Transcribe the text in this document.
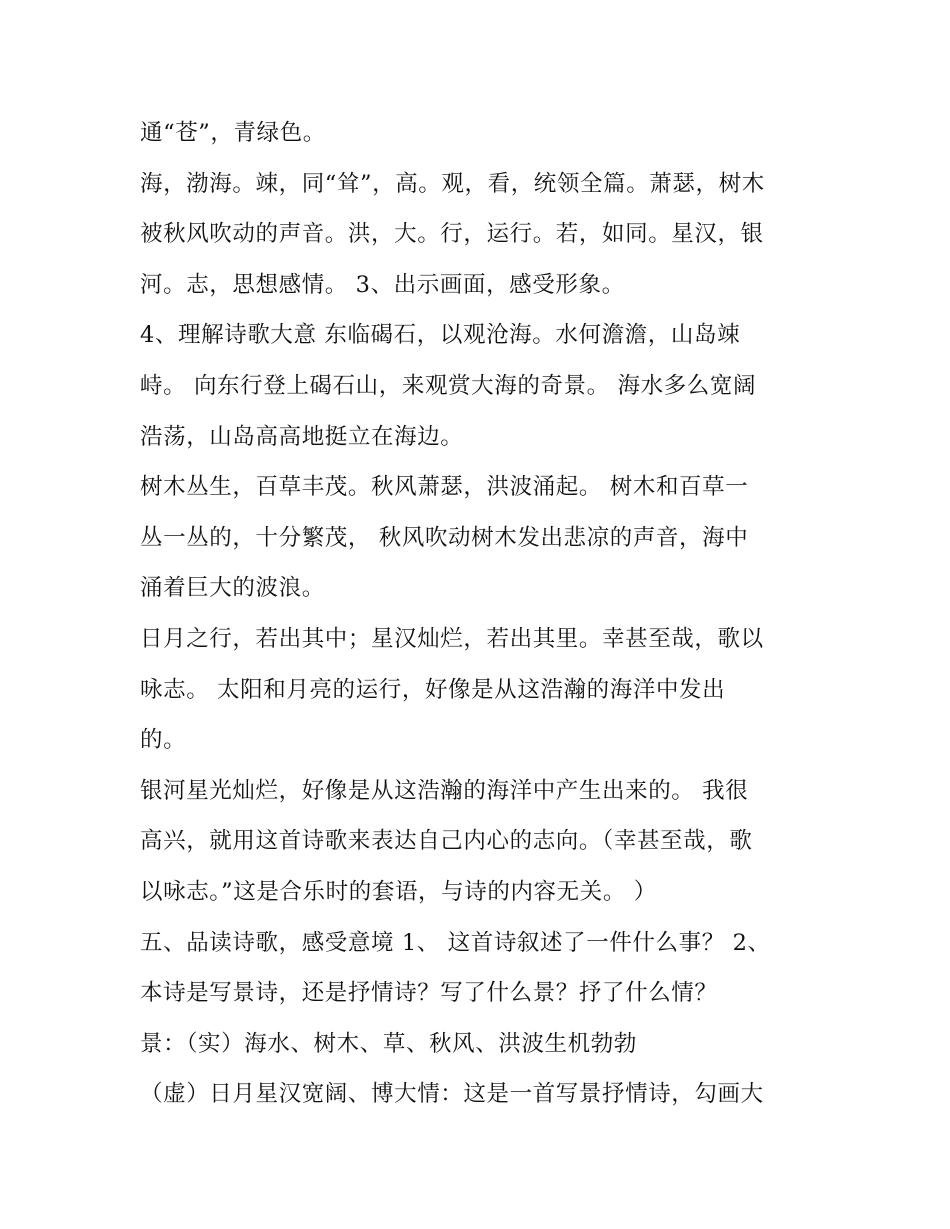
通“苍”，青绿色。
海，渤海。竦，同“耸”，高。观，看，统领全篇。萧瑟，树木
被秋风吹动的声音。洪，大。行，运行。若，如同。星汉，银
河。志，思想感情。 3、出示画面，感受形象。
4、理解诗歌大意 东临碣石，以观沧海。水何澹澹，山岛竦
峙。 向东行登上碣石山，来观赏大海的奇景。 海水多么宽阔
浩荡，山岛高高地挺立在海边。
树木丛生，百草丰茂。秋风萧瑟，洪波涌起。 树木和百草一
丛一丛的，十分繁茂， 秋风吹动树木发出悲凉的声音，海中
涌着巨大的波浪。
日月之行，若出其中；星汉灿烂，若出其里。幸甚至哉，歌以
咏志。 太阳和月亮的运行，好像是从这浩瀚的海洋中发出
的。
银河星光灿烂，好像是从这浩瀚的海洋中产生出来的。 我很
高兴，就用这首诗歌来表达自己内心的志向。（幸甚至哉，歌
以咏志。”这是合乐时的套语，与诗的内容无关。 ）
五、品读诗歌，感受意境 1、 这首诗叙述了一件什么事？ 2、
本诗是写景诗，还是抒情诗？写了什么景？抒了什么情？
景：（实）海水、树木、草、秋风、洪波生机勃勃
（虚）日月星汉宽阔、博大情：这是一首写景抒情诗，勾画大
